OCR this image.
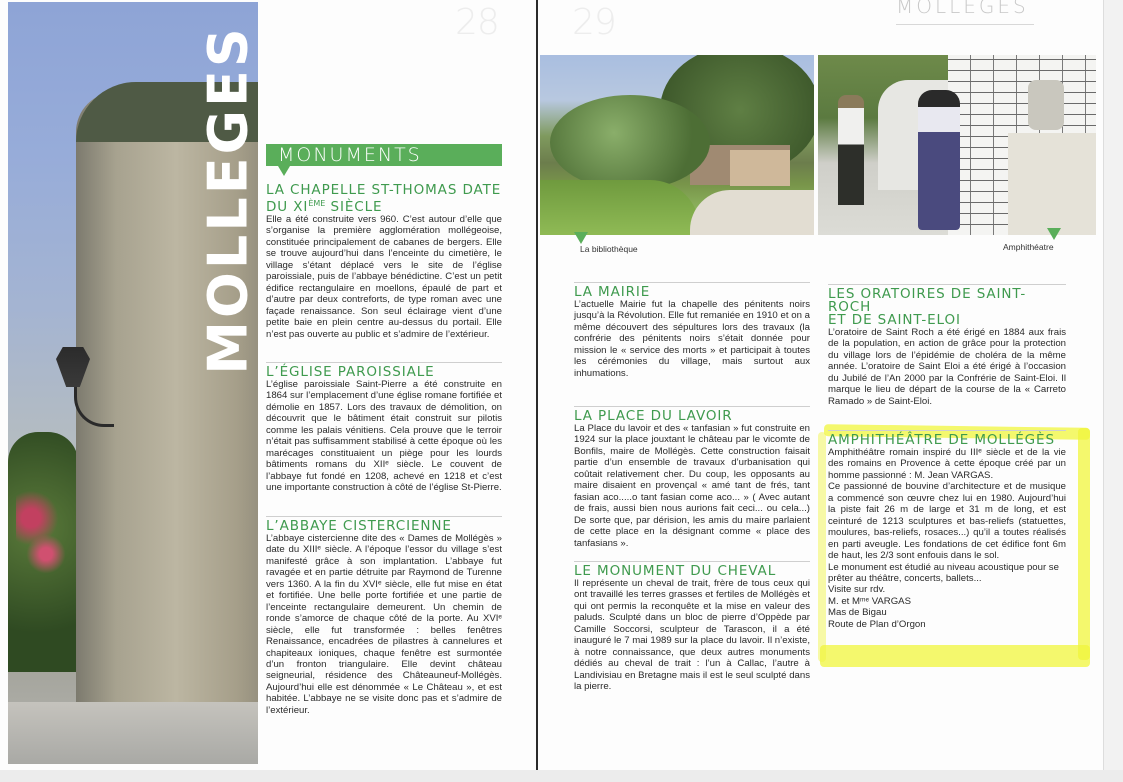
28
MOLLEGES MONUMENTS
LA CHAPELLE ST-THOMAS DATE
DU XIÈME SIÈCLE

Elle a été construite vers 960. C’est autour d’elle que s’organise la première agglomération mollégeoise, constituée principalement de cabanes de bergers. Elle se trouve aujourd’hui dans l’enceinte du cimetière, le village s’étant déplacé vers le site de l’église paroissiale, puis de l’abbaye bénédictine. C’est un petit édifice rectangulaire en moellons, épaulé de part et d’autre par deux contreforts, de type roman avec une façade renaissance. Son seul éclairage vient d’une petite baie en plein centre au-dessus du portail. Elle n’est pas ouverte au public et s’admire de l’extérieur.

L’ÉGLISE PAROISSIALE

L’église paroissiale Saint-Pierre a été construite en 1864 sur l’emplacement d’une église romane fortifiée et démolie en 1857. Lors des travaux de démolition, on découvrit que le bâtiment était construit sur pilotis comme les palais vénitiens. Cela prouve que le terroir n’était pas suffisamment stabilisé à cette époque où les marécages constituaient un piège pour les lourds bâtiments romans du XIIᵉ siècle. Le couvent de l’abbaye fut fondé en 1208, achevé en 1218 et c’est une importante construction à côté de l’église St-Pierre.

L’ABBAYE CISTERCIENNE

L’abbaye cistercienne dite des « Dames de Mollégès » date du XIIIᵉ siècle. A l’époque l’essor du village s’est manifesté grâce à son implantation. L’abbaye fut ravagée et en partie détruite par Raymond de Turenne vers 1360. A la fin du XVIᵉ siècle, elle fut mise en état et fortifiée. Une belle porte fortifiée et une partie de l’enceinte rectangulaire demeurent. Un chemin de ronde s’amorce de chaque côté de la porte. Au XVIᵉ siècle, elle fut transformée : belles fenêtres Renaissance, encadrées de pilastres à cannelures et chapiteaux ioniques, chaque fenêtre est surmontée d’un fronton triangulaire. Elle devint château seigneurial, résidence des Châteauneuf-Mollégès. Aujourd’hui elle est dénommée « Le Château », et est habitée. L’abbaye ne se visite donc pas et s’admire de l’extérieur.

29	MOLLEGES
La bibliothèque	Amphithéatre
LA MAIRIE

L’actuelle Mairie fut la chapelle des pénitents noirs jusqu’à la Révolution. Elle fut remaniée en 1910 et on a même découvert des sépultures lors des travaux (la confrérie des pénitents noirs s’était donnée pour mission le « service des morts » et participait à toutes les cérémonies du village, mais surtout aux inhumations.

LA PLACE DU LAVOIR

La Place du lavoir et des « tanfasian » fut construite en 1924 sur la place jouxtant le château par le vicomte de Bonfils, maire de Mollégès. Cette construction faisait partie d’un ensemble de travaux d’urbanisation qui coûtait relativement cher. Du coup, les opposants au maire disaient en provençal « amé tant de frés, tant fasian aco.....o tant fasian come aco... » ( Avec autant de frais, aussi bien nous aurions fait ceci... ou cela...) De sorte que, par dérision, les amis du maire parlaient de cette place en la désignant comme « place des tanfasians ».

LE MONUMENT DU CHEVAL

Il représente un cheval de trait, frère de tous ceux qui ont travaillé les terres grasses et fertiles de Mollégès et qui ont permis la reconquête et la mise en valeur des paluds. Sculpté dans un bloc de pierre d’Oppède par Camille Soccorsi, sculpteur de Tarascon, il a été inauguré le 7 mai 1989 sur la place du lavoir. Il n’existe, à notre connaissance, que deux autres monuments dédiés au cheval de trait : l’un à Callac, l’autre à Landivisiau en Bretagne mais il est le seul sculpté dans la pierre.

LES ORATOIRES DE SAINT-ROCH
ET DE SAINT-ELOI

L’oratoire de Saint Roch a été érigé en 1884 aux frais de la population, en action de grâce pour la protection du village lors de l’épidémie de choléra de la même année. L’oratoire de Saint Eloi a été érigé à l’occasion du Jubilé de l’An 2000 par la Confrérie de Saint-Eloi. Il marque le lieu de départ de la course de la « Carreto Ramado » de Saint-Eloi.

AMPHITHÉÂTRE DE MOLLÉGÈS

Amphithéâtre romain inspiré du IIIᵉ siècle et de la vie des romains en Provence à cette époque créé par un homme passionné : M. Jean VARGAS.

Ce passionné de bouvine d’architecture et de musique a commencé son œuvre chez lui en 1980. Aujourd’hui la piste fait 26 m de large et 31 m de long, et est ceinturé de 1213 sculptures et bas-reliefs (statuettes, moulures, bas-reliefs, rosaces...) qu’il a toutes réalisés en parti aveugle. Les fondations de cet édifice font 6m de haut, les 2/3 sont enfouis dans le sol.

Le monument est étudié au niveau acoustique pour se prêter au théâtre, concerts, ballets...

Visite sur rdv.

M. et Mᵐᵉ VARGAS

Mas de Bigau

Route de Plan d’Orgon
